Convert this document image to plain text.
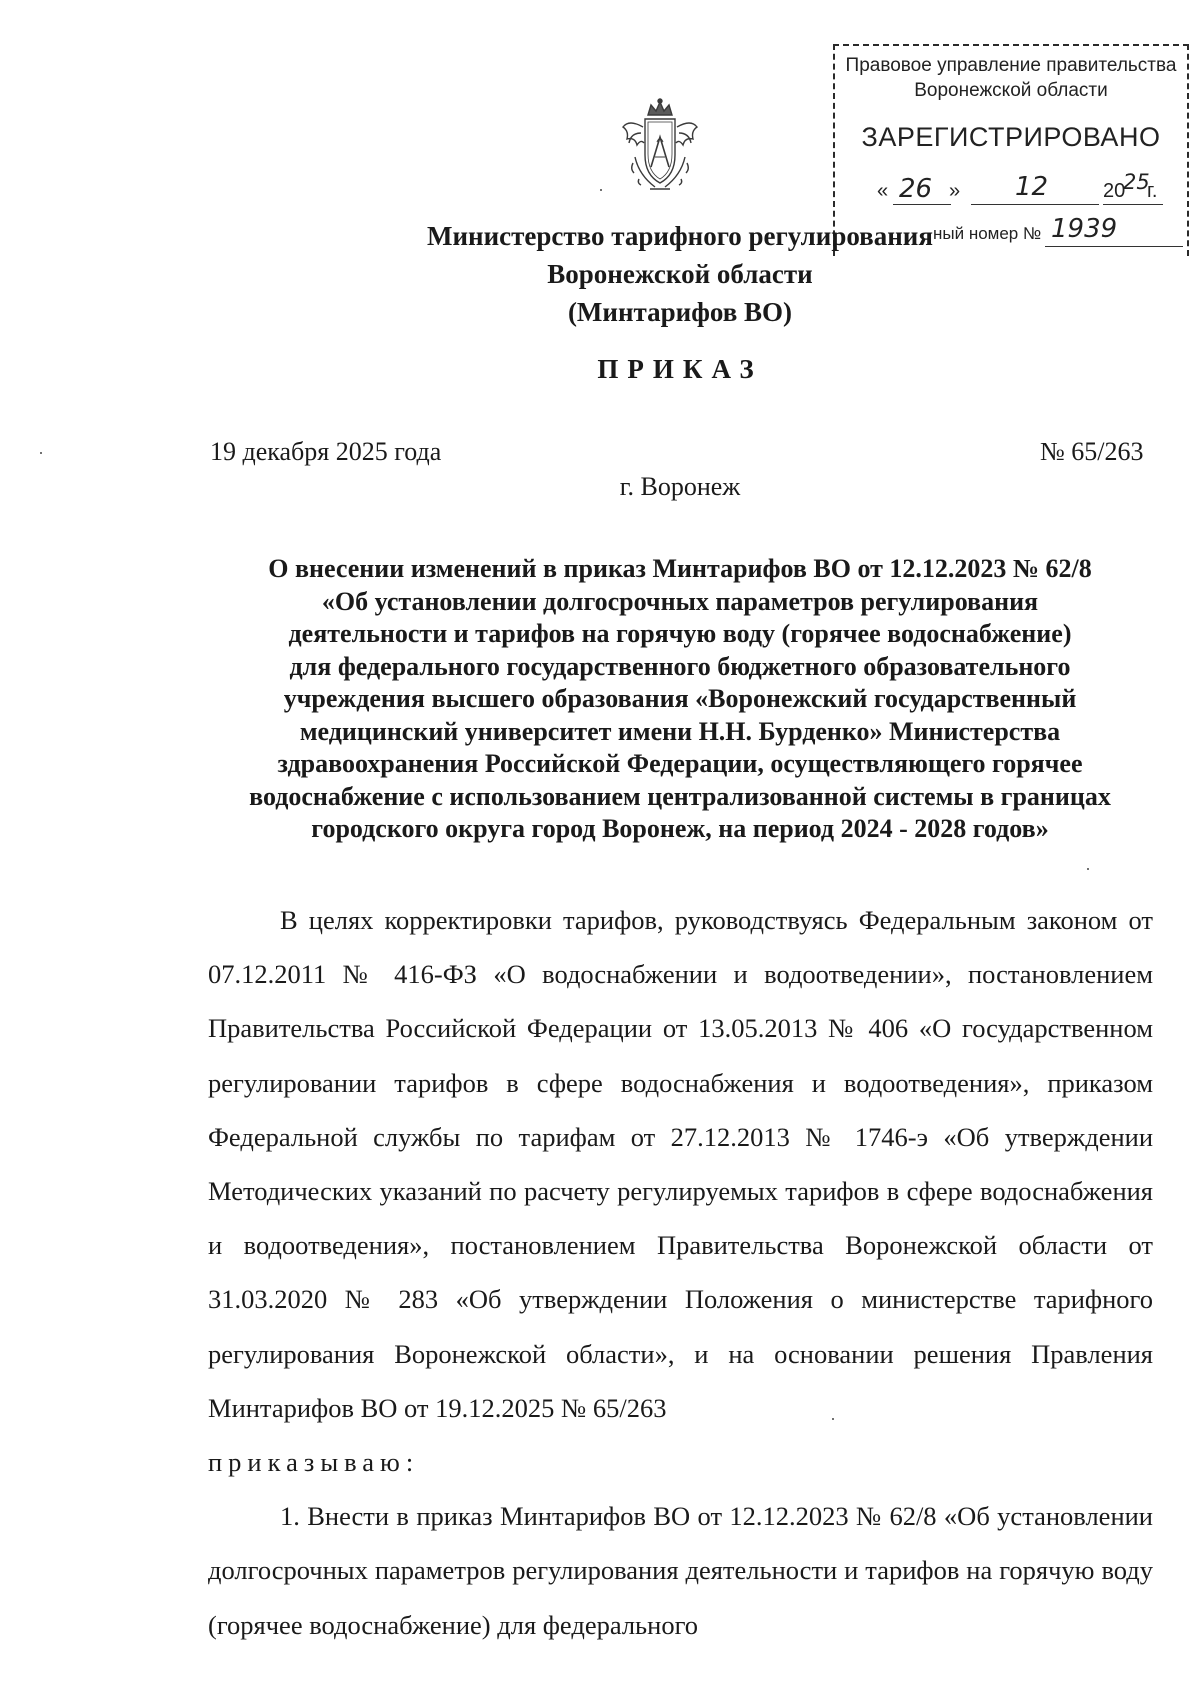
Правовое управление правительства
Воронежской области
ЗАРЕГИСТРИРОВАНО
« 26 » 12	20
25
г.
ный номер № 1939
Министерство тарифного регулирования
Воронежской области
(Минтарифов ВО)
ПРИКАЗ
19 декабря 2025 года	№ 65/263
г. Воронеж
О внесении изменений в приказ Минтарифов ВО от 12.12.2023 № 62/8
«Об установлении долгосрочных параметров регулирования
деятельности и тарифов на горячую воду (горячее водоснабжение)
для федерального государственного бюджетного образовательного
учреждения высшего образования «Воронежский государственный
медицинский университет имени Н.Н. Бурденко» Министерства
здравоохранения Российской Федерации, осуществляющего горячее
водоснабжение с использованием централизованной системы в границах
городского округа город Воронеж, на период 2024 - 2028 годов»

В целях корректировки тарифов, руководствуясь Федеральным законом от 07.12.2011 № 416-ФЗ «О водоснабжении и водоотведении», постановлением Правительства Российской Федерации от 13.05.2013 № 406 «О государственном регулировании тарифов в сфере водоснабжения и водоотведения», приказом Федеральной службы по тарифам от 27.12.2013 № 1746-э «Об утверждении Методических указаний по расчету регулируемых тарифов в сфере водоснабжения и водоотведения», постановлением Правительства Воронежской области от 31.03.2020 № 283 «Об утверждении Положения о министерстве тарифного регулирования Воронежской области», и на основании решения Правления Минтарифов ВО от 19.12.2025 № 65/263

приказываю:

1. Внести в приказ Минтарифов ВО от 12.12.2023 № 62/8 «Об установлении долгосрочных параметров регулирования деятельности и тарифов на горячую воду (горячее водоснабжение) для федерального
